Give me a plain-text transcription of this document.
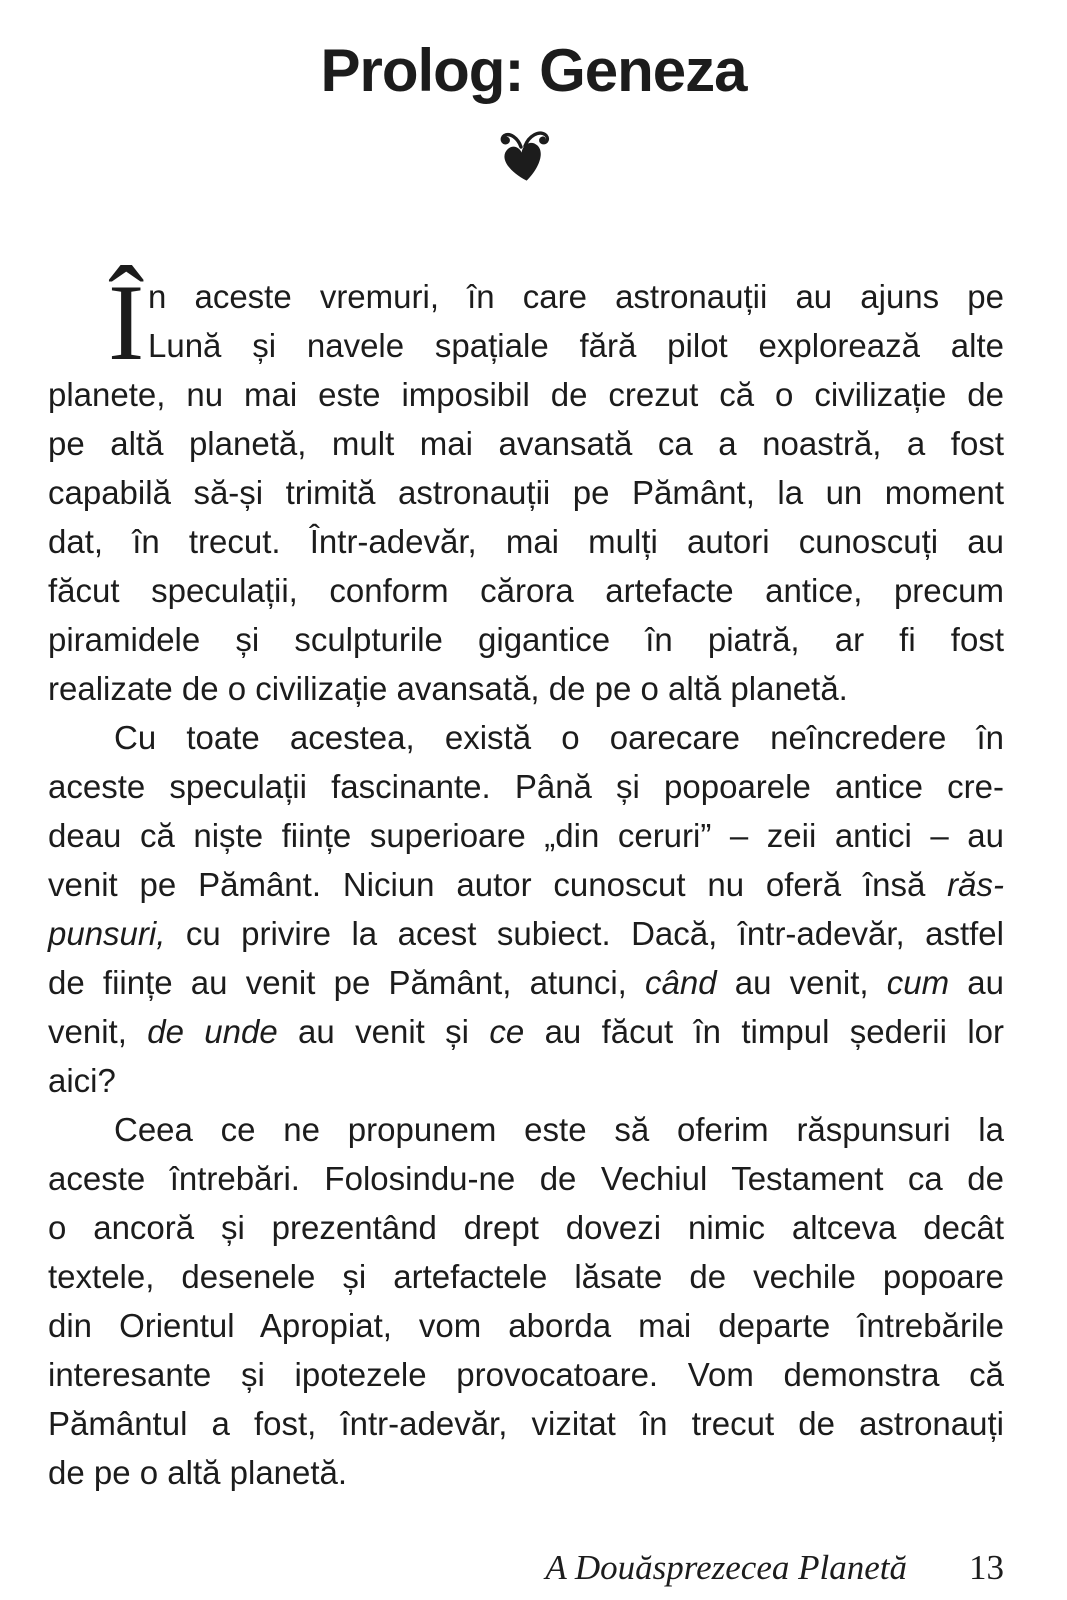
Prolog: Geneza
Î n aceste vremuri, în care astronauții au ajuns pe
Lună și navele spațiale fără pilot explorează alte
planete, nu mai este imposibil de crezut că o civilizație de
pe altă planetă, mult mai avansată ca a noastră, a fost
capabilă să-și trimită astronauții pe Pământ, la un moment
dat, în trecut. Într-adevăr, mai mulți autori cunoscuți au
făcut speculații, conform cărora artefacte antice, precum
piramidele și sculpturile gigantice în piatră, ar fi fost
realizate de o civilizație avansată, de pe o altă planetă.
Cu toate acestea, există o oarecare neîncredere în
aceste speculații fascinante. Până și popoarele antice cre-
deau că niște ființe superioare „din ceruri” – zeii antici – au
venit pe Pământ. Niciun autor cunoscut nu oferă însă răs-
punsuri, cu privire la acest subiect. Dacă, într-adevăr, astfel
de ființe au venit pe Pământ, atunci, când au venit, cum au
venit, de unde au venit și ce au făcut în timpul șederii lor
aici?
Ceea ce ne propunem este să oferim răspunsuri la
aceste întrebări. Folosindu-ne de Vechiul Testament ca de
o ancoră și prezentând drept dovezi nimic altceva decât
textele, desenele și artefactele lăsate de vechile popoare
din Orientul Apropiat, vom aborda mai departe întrebările
interesante și ipotezele provocatoare. Vom demonstra că
Pământul a fost, într-adevăr, vizitat în trecut de astronauți
de pe o altă planetă.
A Douăsprezecea Planetă 13
